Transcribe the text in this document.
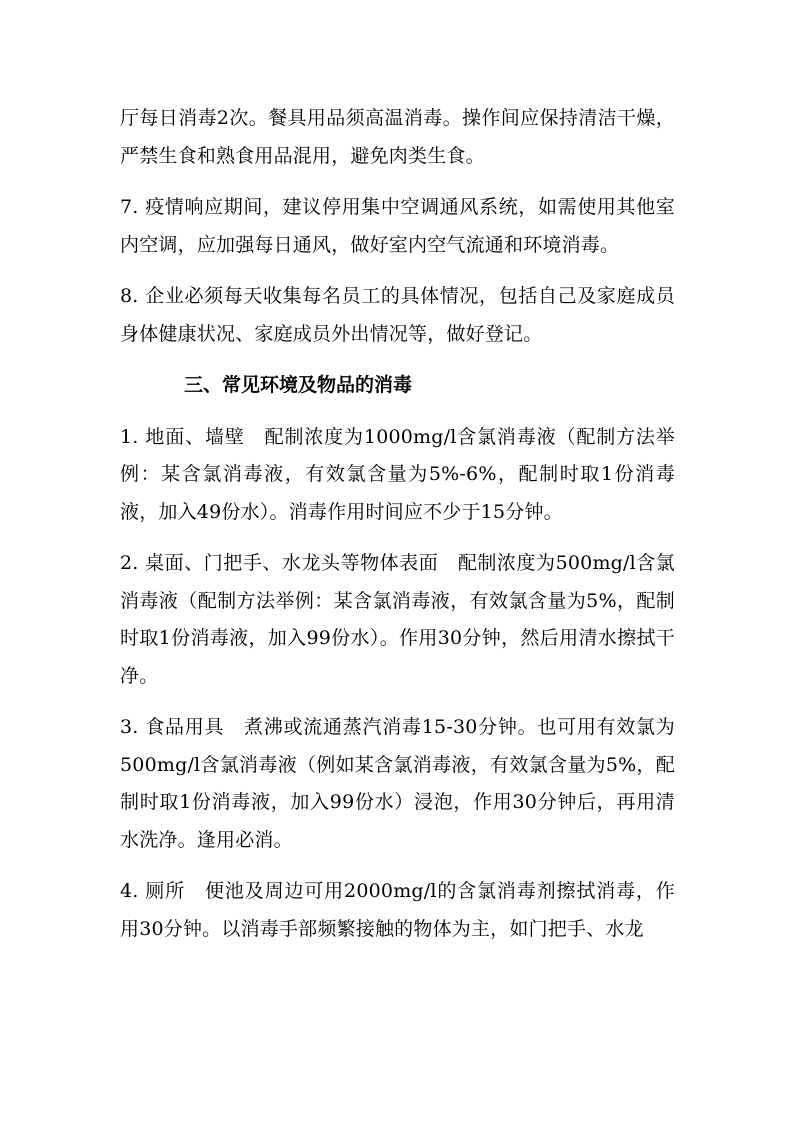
厅每日消毒2次。餐具用品须高温消毒。操作间应保持清洁干燥，严禁生食和熟食用品混用，避免肉类生食。

7. 疫情响应期间，建议停用集中空调通风系统，如需使用其他室内空调，应加强每日通风，做好室内空气流通和环境消毒。

8. 企业必须每天收集每名员工的具体情况，包括自己及家庭成员身体健康状况、家庭成员外出情况等，做好登记。

三、常见环境及物品的消毒

1. 地面、墙壁　配制浓度为1000mg/l含氯消毒液（配制方法举例：某含氯消毒液，有效氯含量为5%-6%，配制时取1份消毒液，加入49份水）。消毒作用时间应不少于15分钟。

2. 桌面、门把手、水龙头等物体表面　配制浓度为500mg/l含氯消毒液（配制方法举例：某含氯消毒液，有效氯含量为5%，配制时取1份消毒液，加入99份水）。作用30分钟，然后用清水擦拭干净。

3. 食品用具　煮沸或流通蒸汽消毒15-30分钟。也可用有效氯为500mg/l含氯消毒液（例如某含氯消毒液，有效氯含量为5%，配制时取1份消毒液，加入99份水）浸泡，作用30分钟后，再用清水洗净。逢用必消。

4. 厕所　便池及周边可用2000mg/l的含氯消毒剂擦拭消毒，作用30分钟。以消毒手部频繁接触的物体为主，如门把手、水龙
